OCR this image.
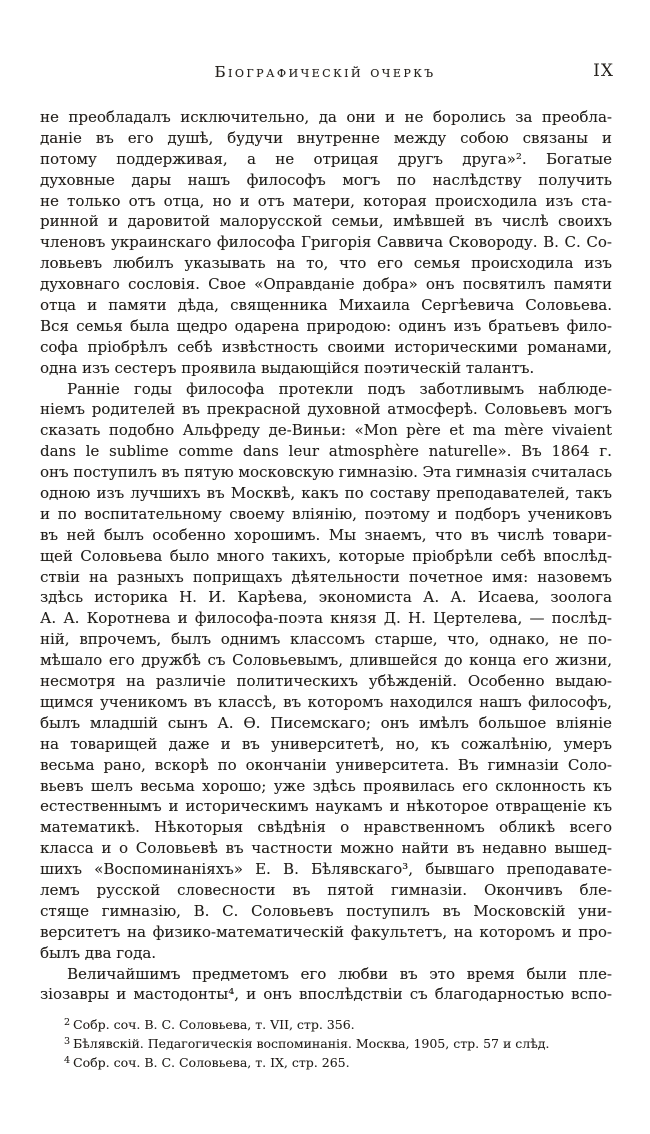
Біографическій очеркъ	IX
не преобладалъ исключительно, да они и не боролись за преобла-
даніе въ его душѣ, будучи внутренне между собою связаны и
потому поддерживая, а не отрицая другъ друга»². Богатые
духовные дары нашъ философъ могъ по наслѣдству получить
не только отъ отца, но и отъ матери, которая происходила изъ ста-
ринной и даровитой малорусской семьи, имѣвшей въ числѣ своихъ
членовъ украинскаго философа Григорія Саввича Сковороду. В. С. Со-
ловьевъ любилъ указывать на то, что его семья происходила изъ
духовнаго сословія. Свое «Оправданіе добра» онъ посвятилъ памяти
отца и памяти дѣда, священника Михаила Сергѣевича Соловьева.
Вся семья была щедро одарена природою: одинъ изъ братьевъ фило-
софа пріобрѣлъ себѣ извѣстность своими историческими романами,
одна изъ сестеръ проявила выдающійся поэтическій талантъ.
Ранніе годы философа протекли подъ заботливымъ наблюде-
ніемъ родителей въ прекрасной духовной атмосферѣ. Соловьевъ могъ
сказать подобно Альфреду де-Виньи: «Mon père et ma mère vivaient
dans le sublime comme dans leur atmosphère naturelle». Въ 1864 г.
онъ поступилъ въ пятую московскую гимназію. Эта гимназія считалась
одною изъ лучшихъ въ Москвѣ, какъ по составу преподавателей, такъ
и по воспитательному своему вліянію, поэтому и подборъ учениковъ
въ ней былъ особенно хорошимъ. Мы знаемъ, что въ числѣ товари-
щей Соловьева было много такихъ, которые пріобрѣли себѣ впослѣд-
ствіи на разныхъ поприщахъ дѣятельности почетное имя: назовемъ
здѣсь историка Н. И. Карѣева, экономиста А. А. Исаева, зоолога
А. А. Коротнева и философа-поэта князя Д. Н. Цертелева, — послѣд-
ній, впрочемъ, былъ однимъ классомъ старше, что, однако, не по-
мѣшало его дружбѣ съ Соловьевымъ, длившейся до конца его жизни,
несмотря на различіе политическихъ убѣжденій. Особенно выдаю-
щимся ученикомъ въ классѣ, въ которомъ находился нашъ философъ,
былъ младшій сынъ А. Ѳ. Писемскаго; онъ имѣлъ большое вліяніе
на товарищей даже и въ университетѣ, но, къ сожалѣнію, умеръ
весьма рано, вскорѣ по окончаніи университета. Въ гимназіи Соло-
вьевъ шелъ весьма хорошо; уже здѣсь проявилась его склонность къ
естественнымъ и историческимъ наукамъ и нѣкоторое отвращеніе къ
математикѣ. Нѣкоторыя свѣдѣнія о нравственномъ обликѣ всего
класса и о Соловьевѣ въ частности можно найти въ недавно вышед-
шихъ «Воспоминаніяхъ» Е. В. Бѣлявскаго³, бывшаго преподавате-
лемъ русской словесности въ пятой гимназіи. Окончивъ бле-
стяще гимназію, В. С. Соловьевъ поступилъ въ Московскій уни-
верситетъ на физико-математическій факультетъ, на которомъ и про-
былъ два года.
Величайшимъ предметомъ его любви въ это время были пле-
зіозавры и мастодонты⁴, и онъ впослѣдствіи съ благодарностью вспо-
2 Собр. соч. В. С. Соловьева, т. VII, стр. 356.
3 Бѣлявскій. Педагогическія воспоминанія. Москва, 1905, стр. 57 и слѣд.
4 Собр. соч. В. С. Соловьева, т. IX, стр. 265.
